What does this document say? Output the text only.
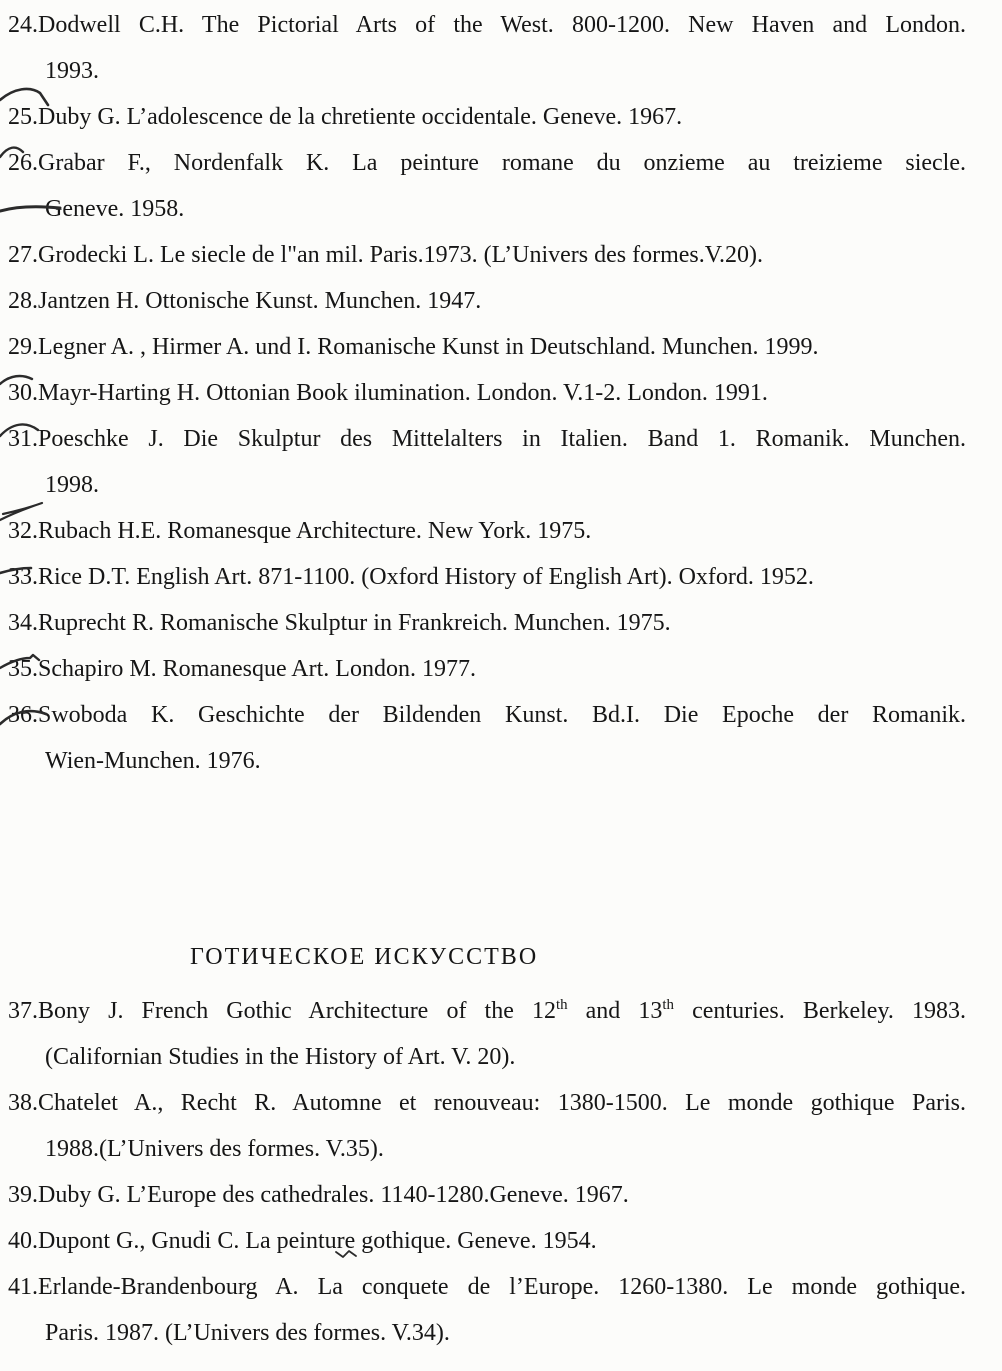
24.Dodwell C.H. The Pictorial Arts of the West. 800-1200. New Haven and London.
1993.
25.Duby G. L’adolescence de la chretiente occidentale. Geneve. 1967.
26.Grabar F., Nordenfalk K. La peinture romane du onzieme au treizieme siecle.
Geneve. 1958.
27.Grodecki L. Le siecle de l"an mil. Paris.1973. (L’Univers des formes.V.20).
28.Jantzen H. Ottonische Kunst. Munchen. 1947.
29.Legner A. , Hirmer A. und I. Romanische Kunst in Deutschland. Munchen. 1999.
30.Mayr-Harting H. Ottonian Book ilumination. London. V.1-2. London. 1991.
31.Poeschke J. Die Skulptur des Mittelalters in Italien. Band 1. Romanik. Munchen.
1998.
32.Rubach H.E. Romanesque Architecture. New York. 1975.
33.Rice D.T. English Art. 871-1100. (Oxford History of English Art). Oxford. 1952.
34.Ruprecht R. Romanische Skulptur in Frankreich. Munchen. 1975.
35.Schapiro M. Romanesque Art. London. 1977.
36.Swoboda K. Geschichte der Bildenden Kunst. Bd.I. Die Epoche der Romanik.
Wien-Munchen. 1976.
ГОТИЧЕСКОЕ ИСКУССТВО
37.Bony J. French Gothic Architecture of the 12th and 13th centuries. Berkeley. 1983.
(Californian Studies in the History of Art. V. 20).
38.Chatelet A., Recht R. Automne et renouveau: 1380-1500. Le monde gothique Paris.
1988.(L’Univers des formes. V.35).
39.Duby G. L’Europe des cathedrales. 1140-1280.Geneve. 1967.
40.Dupont G., Gnudi C. La peinture gothique. Geneve. 1954.
41.Erlande-Brandenbourg A. La conquete de l’Europe. 1260-1380. Le monde gothique.
Paris. 1987. (L’Univers des formes. V.34).
